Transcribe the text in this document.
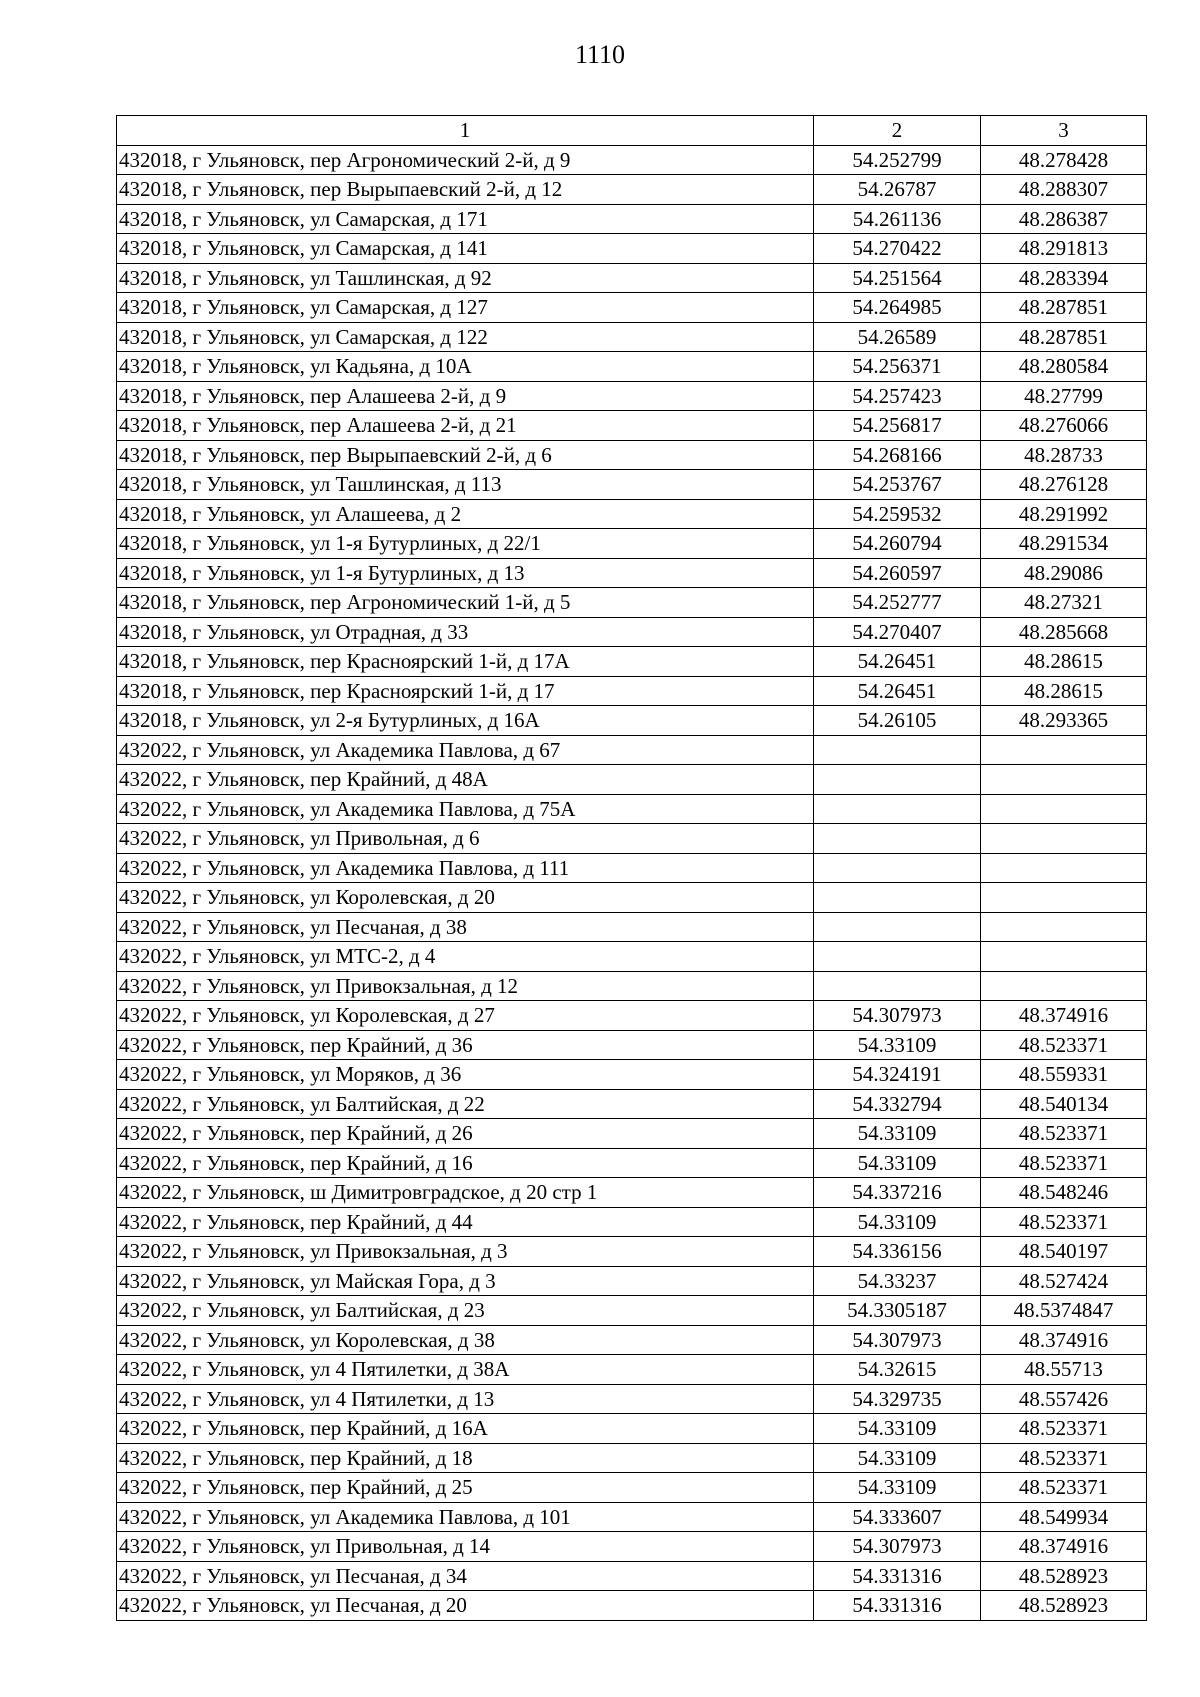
1110
1	2	3
432018, г Ульяновск, пер Агрономический 2-й, д 9	54.252799	48.278428
432018, г Ульяновск, пер Вырыпаевский 2-й, д 12	54.26787	48.288307
432018, г Ульяновск, ул Самарская, д 171	54.261136	48.286387
432018, г Ульяновск, ул Самарская, д 141	54.270422	48.291813
432018, г Ульяновск, ул Ташлинская, д 92	54.251564	48.283394
432018, г Ульяновск, ул Самарская, д 127	54.264985	48.287851
432018, г Ульяновск, ул Самарская, д 122	54.26589	48.287851
432018, г Ульяновск, ул Кадьяна, д 10А	54.256371	48.280584
432018, г Ульяновск, пер Алашеева 2-й, д 9	54.257423	48.27799
432018, г Ульяновск, пер Алашеева 2-й, д 21	54.256817	48.276066
432018, г Ульяновск, пер Вырыпаевский 2-й, д 6	54.268166	48.28733
432018, г Ульяновск, ул Ташлинская, д 113	54.253767	48.276128
432018, г Ульяновск, ул Алашеева, д 2	54.259532	48.291992
432018, г Ульяновск, ул 1-я Бутурлиных, д 22/1	54.260794	48.291534
432018, г Ульяновск, ул 1-я Бутурлиных, д 13	54.260597	48.29086
432018, г Ульяновск, пер Агрономический 1-й, д 5	54.252777	48.27321
432018, г Ульяновск, ул Отрадная, д 33	54.270407	48.285668
432018, г Ульяновск, пер Красноярский 1-й, д 17А	54.26451	48.28615
432018, г Ульяновск, пер Красноярский 1-й, д 17	54.26451	48.28615
432018, г Ульяновск, ул 2-я Бутурлиных, д 16А	54.26105	48.293365
432022, г Ульяновск, ул Академика Павлова, д 67		
432022, г Ульяновск, пер Крайний, д 48А		
432022, г Ульяновск, ул Академика Павлова, д 75А		
432022, г Ульяновск, ул Привольная, д 6		
432022, г Ульяновск, ул Академика Павлова, д 111		
432022, г Ульяновск, ул Королевская, д 20		
432022, г Ульяновск, ул Песчаная, д 38		
432022, г Ульяновск, ул МТС-2, д 4		
432022, г Ульяновск, ул Привокзальная, д 12		
432022, г Ульяновск, ул Королевская, д 27	54.307973	48.374916
432022, г Ульяновск, пер Крайний, д 36	54.33109	48.523371
432022, г Ульяновск, ул Моряков, д 36	54.324191	48.559331
432022, г Ульяновск, ул Балтийская, д 22	54.332794	48.540134
432022, г Ульяновск, пер Крайний, д 26	54.33109	48.523371
432022, г Ульяновск, пер Крайний, д 16	54.33109	48.523371
432022, г Ульяновск, ш Димитровградское, д 20 стр 1	54.337216	48.548246
432022, г Ульяновск, пер Крайний, д 44	54.33109	48.523371
432022, г Ульяновск, ул Привокзальная, д 3	54.336156	48.540197
432022, г Ульяновск, ул Майская Гора, д 3	54.33237	48.527424
432022, г Ульяновск, ул Балтийская, д 23	54.3305187	48.5374847
432022, г Ульяновск, ул Королевская, д 38	54.307973	48.374916
432022, г Ульяновск, ул 4 Пятилетки, д 38А	54.32615	48.55713
432022, г Ульяновск, ул 4 Пятилетки, д 13	54.329735	48.557426
432022, г Ульяновск, пер Крайний, д 16А	54.33109	48.523371
432022, г Ульяновск, пер Крайний, д 18	54.33109	48.523371
432022, г Ульяновск, пер Крайний, д 25	54.33109	48.523371
432022, г Ульяновск, ул Академика Павлова, д 101	54.333607	48.549934
432022, г Ульяновск, ул Привольная, д 14	54.307973	48.374916
432022, г Ульяновск, ул Песчаная, д 34	54.331316	48.528923
432022, г Ульяновск, ул Песчаная, д 20	54.331316	48.528923
